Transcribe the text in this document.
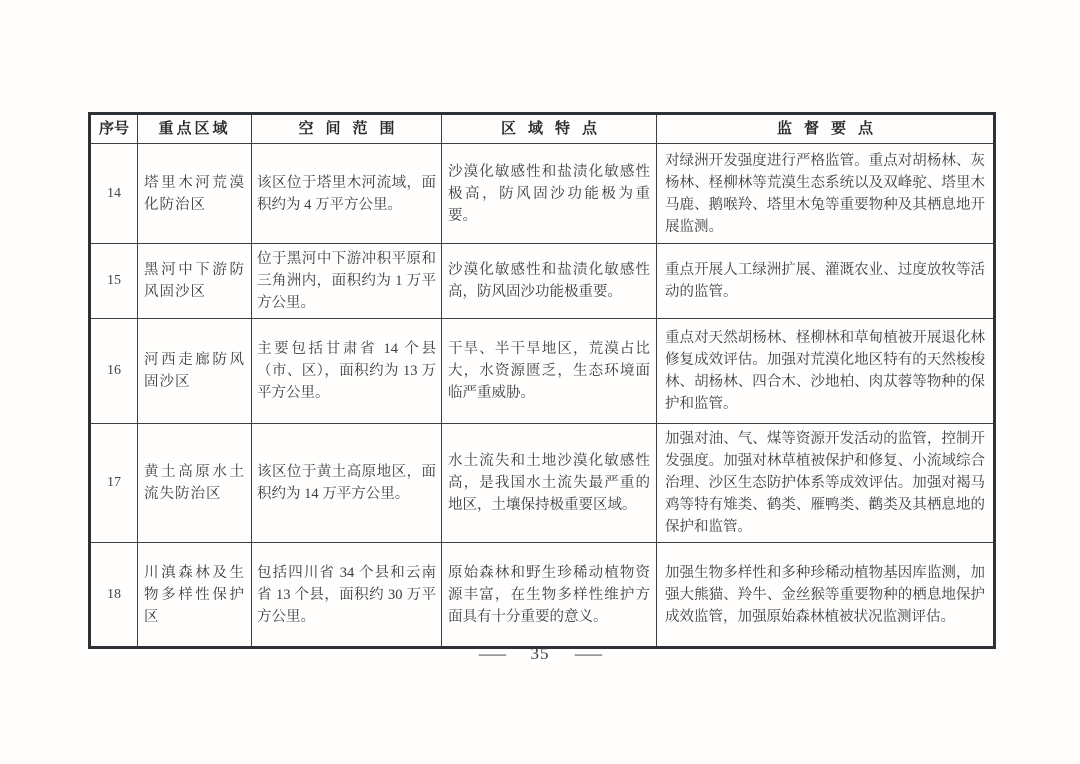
序号	重点区域	空间范围	区域特点	监督要点
14	塔里木河荒漠化防治区	该区位于塔里木河流域，面积约为 4 万平方公里。	沙漠化敏感性和盐渍化敏感性极高，防风固沙功能极为重要。	对绿洲开发强度进行严格监管。重点对胡杨林、灰杨林、柽柳林等荒漠生态系统以及双峰驼、塔里木马鹿、鹅喉羚、塔里木兔等重要物种及其栖息地开展监测。
15	黑河中下游防风固沙区	位于黑河中下游冲积平原和三角洲内，面积约为 1 万平方公里。	沙漠化敏感性和盐渍化敏感性高，防风固沙功能极重要。	重点开展人工绿洲扩展、灌溉农业、过度放牧等活动的监管。
16	河西走廊防风固沙区	主要包括甘肃省 14 个县（市、区），面积约为 13 万平方公里。	干旱、半干旱地区，荒漠占比大，水资源匮乏，生态环境面临严重威胁。	重点对天然胡杨林、柽柳林和草甸植被开展退化林修复成效评估。加强对荒漠化地区特有的天然梭梭林、胡杨林、四合木、沙地柏、肉苁蓉等物种的保护和监管。
17	黄土高原水土流失防治区	该区位于黄土高原地区，面积约为 14 万平方公里。	水土流失和土地沙漠化敏感性高，是我国水土流失最严重的地区，土壤保持极重要区域。	加强对油、气、煤等资源开发活动的监管，控制开发强度。加强对林草植被保护和修复、小流域综合治理、沙区生态防护体系等成效评估。加强对褐马鸡等特有雉类、鹤类、雁鸭类、鹳类及其栖息地的保护和监管。
18	川滇森林及生物多样性保护区	包括四川省 34 个县和云南省 13 个县，面积约 30 万平方公里。	原始森林和野生珍稀动植物资源丰富，在生物多样性维护方面具有十分重要的意义。	加强生物多样性和多种珍稀动植物基因库监测，加强大熊猫、羚牛、金丝猴等重要物种的栖息地保护成效监管，加强原始森林植被状况监测评估。
— 35 —
